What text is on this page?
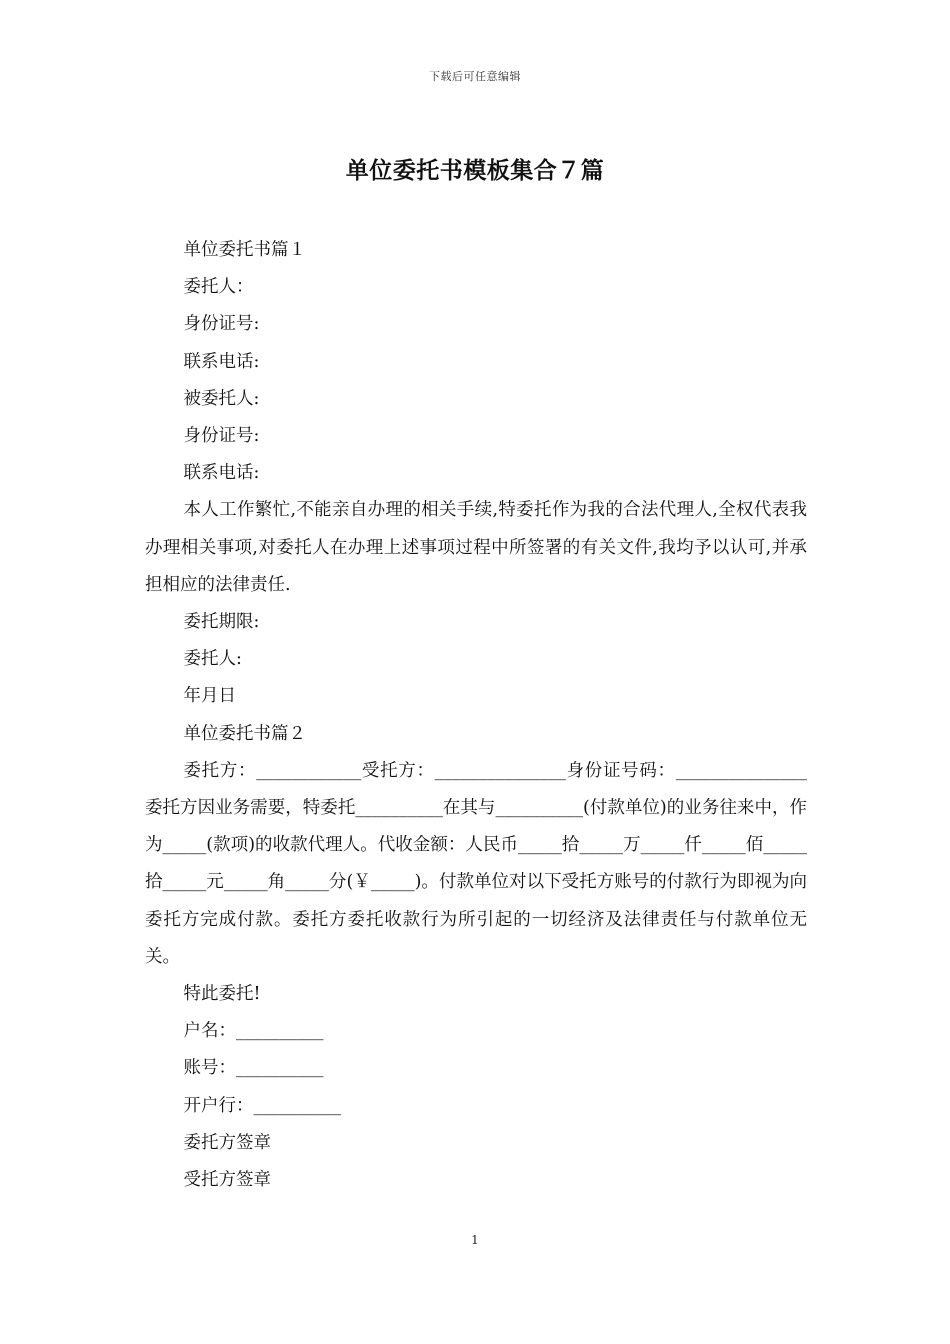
下载后可任意编辑
单位委托书模板集合７篇

单位委托书篇１

委托人：

身份证号:

联系电话:

被委托人:

身份证号:

联系电话:

本人工作繁忙,不能亲自办理的相关手续,特委托作为我的合法代理人,全权代表我办理相关事项,对委托人在办理上述事项过程中所签署的有关文件,我均予以认可,并承担相应的法律责任.

委托期限:

委托人:

年月日

单位委托书篇２

委托方：____________受托方：_______________身份证号码：_______________委托方因业务需要，特委托__________在其与__________(付款单位)的业务往来中，作为_____(款项)的收款代理人。代收金额：人民币_____拾_____万_____仟_____佰_____拾_____元_____角_____分(￥_____)。付款单位对以下受托方账号的付款行为即视为向委托方完成付款。委托方委托收款行为所引起的一切经济及法律责任与付款单位无关。

特此委托!

户名：__________

账号：__________

开户行：__________

委托方签章

受托方签章

1
